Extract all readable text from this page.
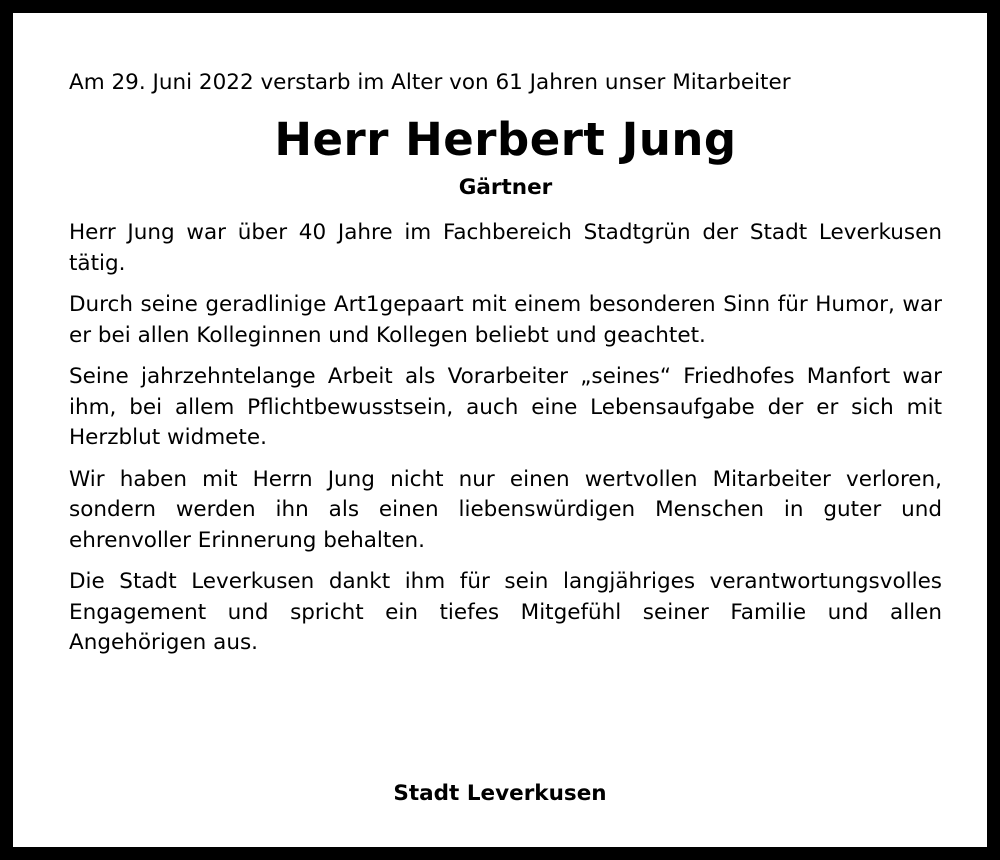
Am 29. Juni 2022 verstarb im Alter von 61 Jahren unser Mitarbeiter

Herr Herbert Jung
Gärtner

Herr Jung war über 40 Jahre im Fachbereich Stadtgrün der Stadt Leverkusen tätig.

Durch seine geradlinige Art1gepaart mit einem besonderen Sinn für Humor, war er bei allen Kolleginnen und Kollegen beliebt und geachtet.

Seine jahrzehntelange Arbeit als Vorarbeiter „seines“ Friedhofes Manfort war ihm, bei allem Pflichtbewusstsein, auch eine Lebensaufgabe der er sich mit Herzblut widmete.

Wir haben mit Herrn Jung nicht nur einen wertvollen Mitarbeiter verloren, sondern werden ihn als einen liebenswürdigen Menschen in guter und ehrenvoller Erinnerung behalten.

Die Stadt Leverkusen dankt ihm für sein langjähriges verantwortungsvolles Engagement und spricht ein tiefes Mitgefühl seiner Familie und allen Angehörigen aus.

Stadt Leverkusen
